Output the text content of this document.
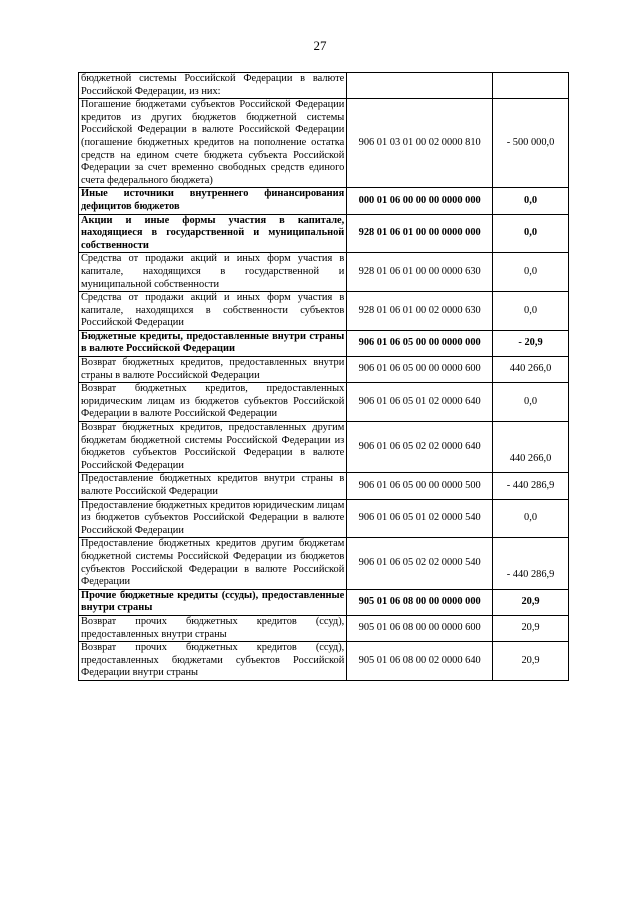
27
бюджетной системы Российской Федерации в валюте Российской Федерации, из них:		
Погашение бюджетами субъектов Российской Федерации кредитов из других бюджетов бюджетной системы Российской Федерации в валюте Российской Федерации (погашение бюджетных кредитов на пополнение остатка средств на едином счете бюджета субъекта Российской Федерации за счет временно свободных средств единого счета федерального бюджета)	906 01 03 01 00 02 0000 810	- 500 000,0
Иные источники внутреннего финансирования дефицитов бюджетов	000 01 06 00 00 00 0000 000	0,0
Акции и иные формы участия в капитале, находящиеся в государственной и муниципальной собственности	928 01 06 01 00 00 0000 000	0,0
Средства от продажи акций и иных форм участия в капитале, находящихся в государственной и муниципальной собственности	928 01 06 01 00 00 0000 630	0,0
Средства от продажи акций и иных форм участия в капитале, находящихся в собственности субъектов Российской Федерации	928 01 06 01 00 02 0000 630	0,0
Бюджетные кредиты, предоставленные внутри страны в валюте Российской Федерации	906 01 06 05 00 00 0000 000	- 20,9
Возврат бюджетных кредитов, предоставленных внутри страны в валюте Российской Федерации	906 01 06 05 00 00 0000 600	440 266,0
Возврат бюджетных кредитов, предоставленных юридическим лицам из бюджетов субъектов Российской Федерации в валюте Российской Федерации	906 01 06 05 01 02 0000 640	0,0
Возврат бюджетных кредитов, предоставленных другим бюджетам бюджетной системы Российской Федерации из бюджетов субъектов Российской Федерации в валюте Российской Федерации	906 01 06 05 02 02 0000 640	440 266,0
Предоставление бюджетных кредитов внутри страны в валюте Российской Федерации	906 01 06 05 00 00 0000 500	- 440 286,9
Предоставление бюджетных кредитов юридическим лицам из бюджетов субъектов Российской Федерации в валюте Российской Федерации	906 01 06 05 01 02 0000 540	0,0
Предоставление бюджетных кредитов другим бюджетам бюджетной системы Российской Федерации из бюджетов субъектов Российской Федерации в валюте Российской Федерации	906 01 06 05 02 02 0000 540	- 440 286,9
Прочие бюджетные кредиты (ссуды), предоставленные внутри страны	905 01 06 08 00 00 0000 000	20,9
Возврат прочих бюджетных кредитов (ссуд), предоставленных внутри страны	905 01 06 08 00 00 0000 600	20,9
Возврат прочих бюджетных кредитов (ссуд), предоставленных бюджетами субъектов Российской Федерации внутри страны	905 01 06 08 00 02 0000 640	20,9
